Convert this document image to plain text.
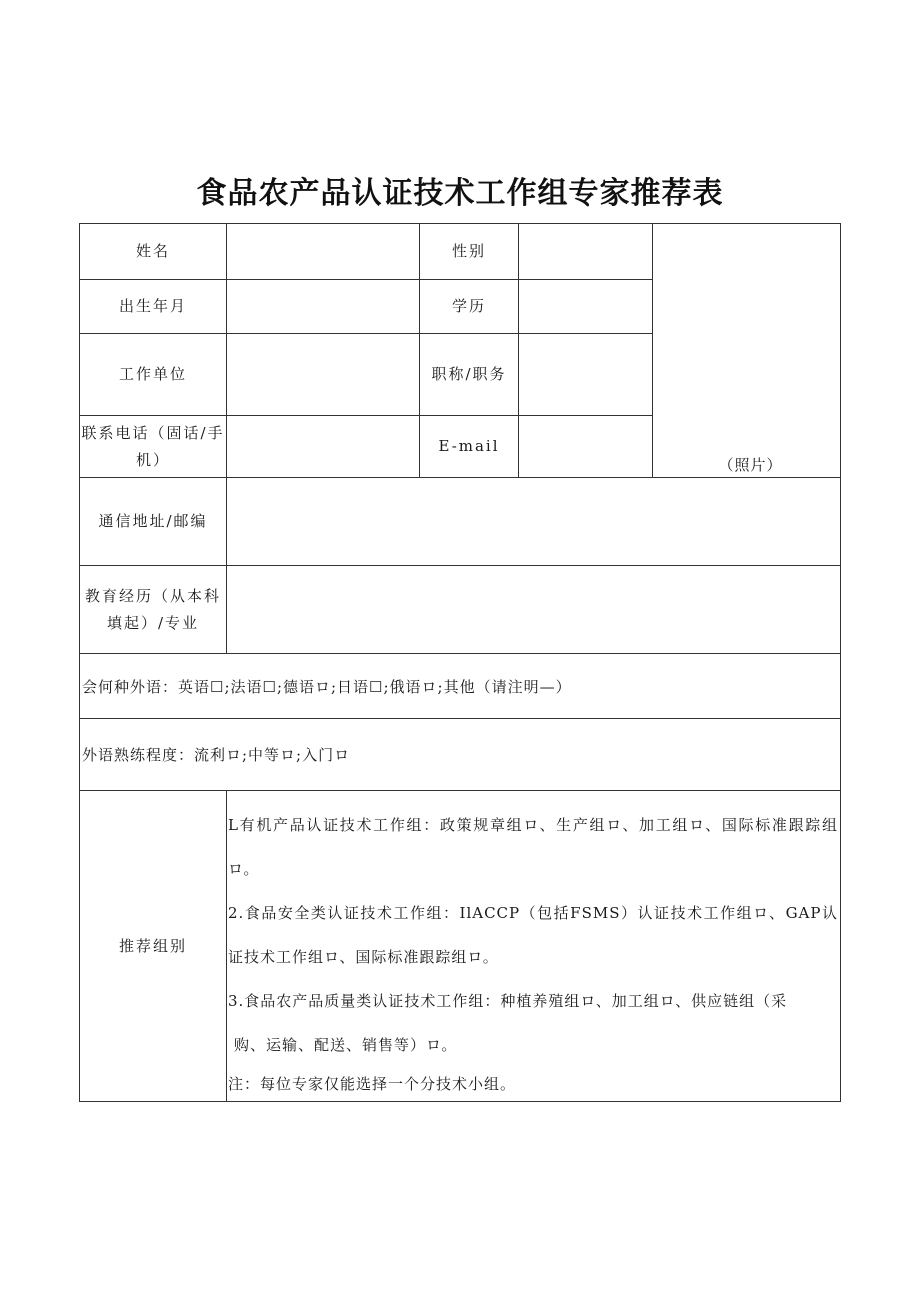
食品农产品认证技术工作组专家推荐表
姓名		性别		（照片）
出生年月		学历		
工作单位		职称/职务		
联系电话（固话/手机）		E-mail		
通信地址/邮编				
教育经历（从本科填起）/专业				
会何种外语：英语☐;法语☐;德语ロ;日语☐;俄语ロ;其他（请注明—）				
外语熟练程度：流利ロ;中等ロ;入门ロ				
推荐组别	L有机产品认证技术工作组：政策规章组ロ、生产组ロ、加工组ロ、国际标准跟踪组ロ。

2.食品安全类认证技术工作组：IlACCP（包括FSMS）认证技术工作组ロ、GAP认证技术工作组ロ、国际标准跟踪组ロ。

3.食品农产品质量类认证技术工作组：种植养殖组ロ、加工组ロ、供应链组（采

购、运输、配送、销售等）ロ。

注：每位专家仅能选择一个分技术小组。			
